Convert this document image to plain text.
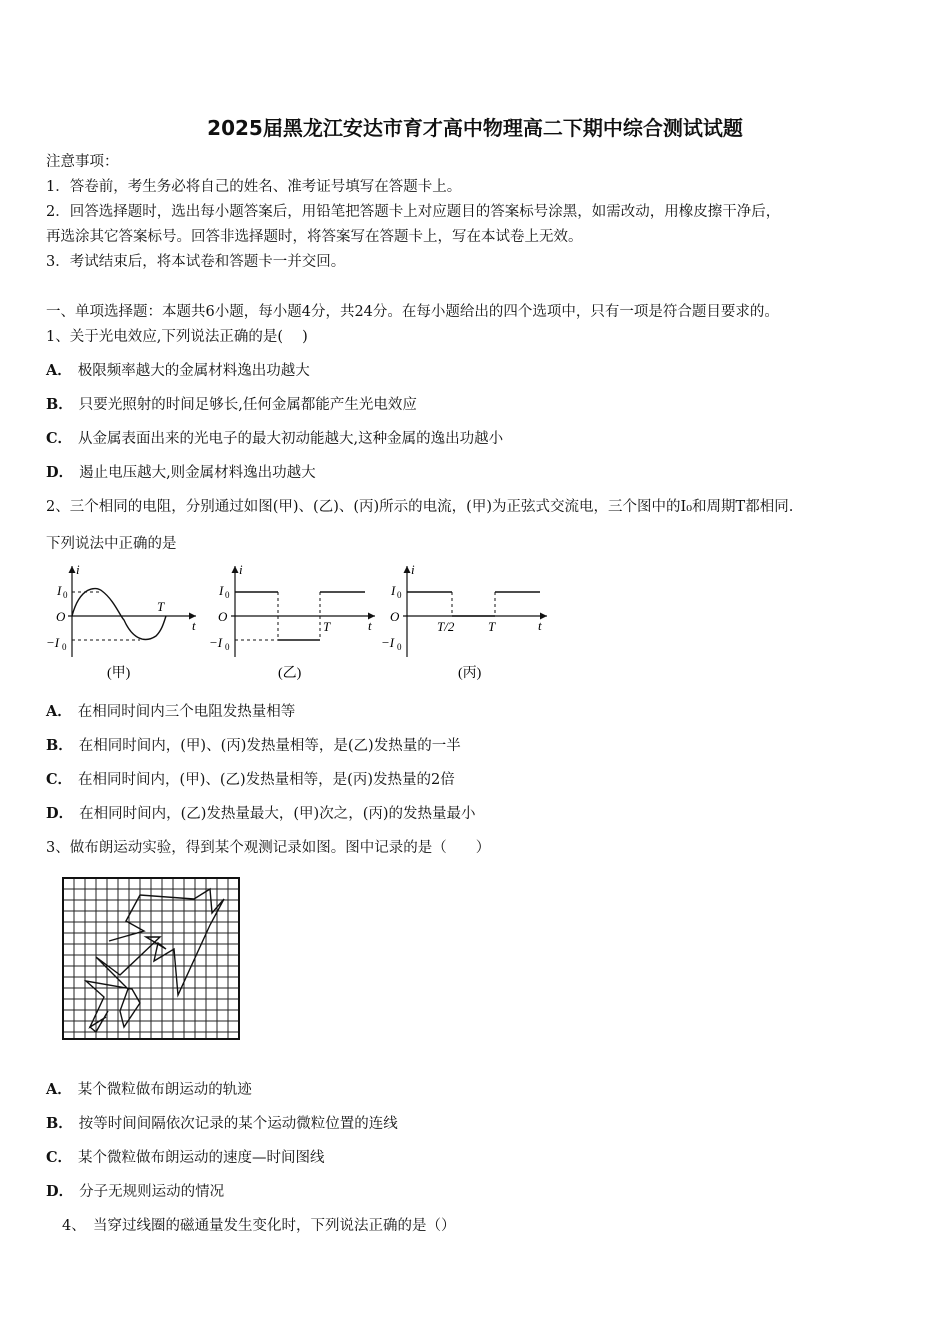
2025届黑龙江安达市育才高中物理高二下期中综合测试试题
注意事项：
1．答卷前，考生务必将自己的姓名、准考证号填写在答题卡上。
2．回答选择题时，选出每小题答案后，用铅笔把答题卡上对应题目的答案标号涂黑，如需改动，用橡皮擦干净后，
再选涂其它答案标号。回答非选择题时，将答案写在答题卡上，写在本试卷上无效。
3．考试结束后，将本试卷和答题卡一并交回。
一、单项选择题：本题共6小题，每小题4分，共24分。在每小题给出的四个选项中，只有一项是符合题目要求的。
1、关于光电效应,下列说法正确的是(　 )
A． 极限频率越大的金属材料逸出功越大
B． 只要光照射的时间足够长,任何金属都能产生光电效应
C． 从金属表面出来的光电子的最大初动能越大,这种金属的逸出功越小
D． 遏止电压越大,则金属材料逸出功越大
2、三个相同的电阻，分别通过如图(甲)、(乙)、(丙)所示的电流，(甲)为正弦式交流电，三个图中的I₀和周期T都相同.
下列说法中正确的是
i
t
I 0
O
−I 0
T
(甲)
i
t
I 0
O
−I 0
T
(乙)
i
t
I 0
O
−I 0
T/2	T
(丙)
A． 在相同时间内三个电阻发热量相等
B． 在相同时间内，(甲)、(丙)发热量相等，是(乙)发热量的一半
C． 在相同时间内，(甲)、(乙)发热量相等，是(丙)发热量的2倍
D． 在相同时间内，(乙)发热量最大，(甲)次之，(丙)的发热量最小
3、做布朗运动实验，得到某个观测记录如图。图中记录的是（　　）
A． 某个微粒做布朗运动的轨迹
B． 按等时间间隔依次记录的某个运动微粒位置的连线
C． 某个微粒做布朗运动的速度—时间图线
D． 分子无规则运动的情况
4、　当穿过线圈的磁通量发生变化时，下列说法正确的是（）
